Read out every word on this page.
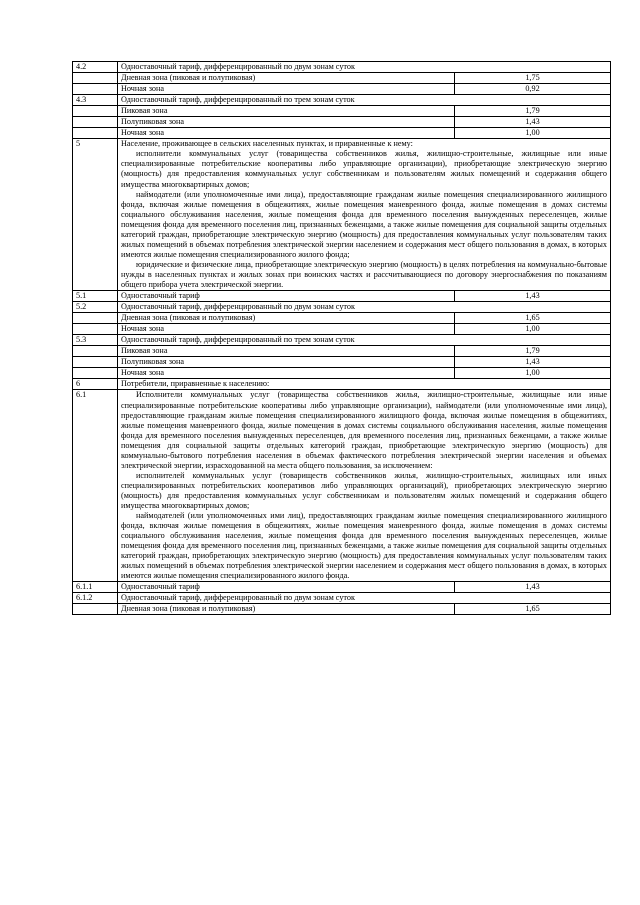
4.2	Одноставочный тариф, дифференцированный по двум зонам суток	
	Дневная зона (пиковая и полупиковая)	1,75
	Ночная зона	0,92
4.3	Одноставочный тариф, дифференцированный по трем зонам суток	
	Пиковая зона	1,79
	Полупиковая зона	1,43
	Ночная зона	1,00
5	Население, проживающее в сельских населенных пунктах, и приравненные к нему:

исполнители коммунальных услуг (товарищества собственников жилья, жилищно-строительные, жилищные или иные специализированные потребительские кооперативы либо управляющие организации), приобретающие электрическую энергию (мощность) для предоставления коммунальных услуг собственникам и пользователям жилых помещений и содержания общего имущества многоквартирных домов;

наймодатели (или уполномоченные ими лица), предоставляющие гражданам жилые помещения специализированного жилищного фонда, включая жилые помещения в общежитиях, жилые помещения маневренного фонда, жилые помещения в домах системы социального обслуживания населения, жилые помещения фонда для временного поселения вынужденных переселенцев, жилые помещения фонда для временного поселения лиц, признанных беженцами, а также жилые помещения для социальной защиты отдельных категорий граждан, приобретающие электрическую энергию (мощность) для предоставления коммунальных услуг пользователям таких жилых помещений в объемах потребления электрической энергии населением и содержания мест общего пользования в домах, в которых имеются жилые помещения специализированного жилого фонда;

юридические и физические лица, приобретающие электрическую энергию (мощность) в целях потребления на коммунально-бытовые нужды в населенных пунктах и жилых зонах при воинских частях и рассчитывающиеся по договору энергоснабжения по показаниям общего прибора учета электрической энергии.	

5.1	Одноставочный тариф	1,43
5.2	Одноставочный тариф, дифференцированный по двум зонам суток	
	Дневная зона (пиковая и полупиковая)	1,65
	Ночная зона	1,00
5.3	Одноставочный тариф, дифференцированный по трем зонам суток	
	Пиковая зона	1,79
	Полупиковая зона	1,43
	Ночная зона	1,00
6	Потребители, приравненные к населению:	
6.1	Исполнители коммунальных услуг (товарищества собственников жилья, жилищно-строительные, жилищные или иные специализированные потребительские кооперативы либо управляющие организации), наймодатели (или уполномоченные ими лица), предоставляющие гражданам жилые помещения специализированного жилищного фонда, включая жилые помещения в общежитиях, жилые помещения маневренного фонда, жилые помещения в домах системы социального обслуживания населения, жилые помещения фонда для временного поселения вынужденных переселенцев, для временного поселения лиц, признанных беженцами, а также жилые помещения для социальной защиты отдельных категорий граждан, приобретающие электрическую энергию (мощность) для коммунально-бытового потребления населения в объемах фактического потребления электрической энергии населения и объемах электрической энергии, израсходованной на места общего пользования, за исключением:

исполнителей коммунальных услуг (товариществ собственников жилья, жилищно-строительных, жилищных или иных специализированных потребительских кооперативов либо управляющих организаций), приобретающих электрическую энергию (мощность) для предоставления коммунальных услуг собственникам и пользователям жилых помещений и содержания общего имущества многоквартирных домов;

наймодателей (или уполномоченных ими лиц), предоставляющих гражданам жилые помещения специализированного жилищного фонда, включая жилые помещения в общежитиях, жилые помещения маневренного фонда, жилые помещения в домах системы социального обслуживания населения, жилые помещения фонда для временного поселения вынужденных переселенцев, жилые помещения фонда для временного поселения лиц, признанных беженцами, а также жилые помещения для социальной защиты отдельных категорий граждан, приобретающих электрическую энергию (мощность) для предоставления коммунальных услуг пользователям таких жилых помещений в объемах потребления электрической энергии населением и содержания мест общего пользования в домах, в которых имеются жилые помещения специализированного жилого фонда.	

6.1.1	Одноставочный тариф	1,43
6.1.2	Одноставочный тариф, дифференцированный по двум зонам суток	
	Дневная зона (пиковая и полупиковая)	1,65
